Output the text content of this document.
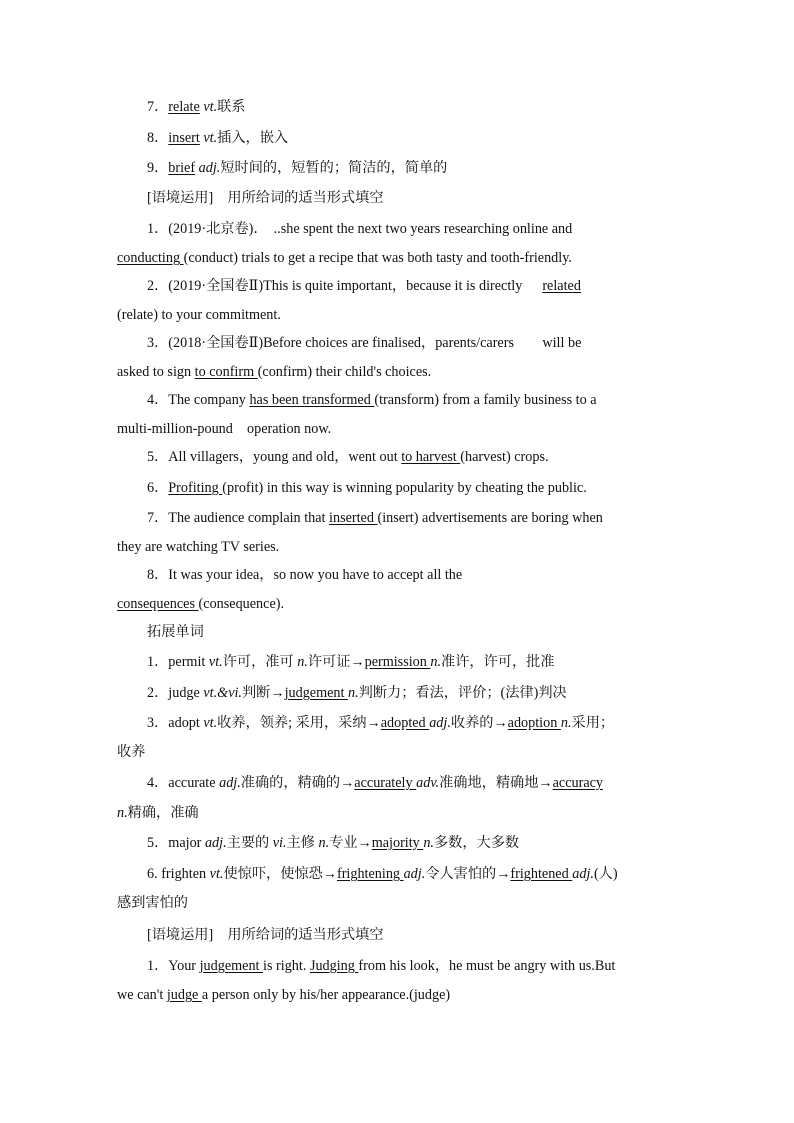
7．relate vt.联系
8．insert vt.插入，嵌入
9．brief adj.短时间的，短暂的；简洁的，简单的
[语境运用]　用所给词的适当形式填空
1．(2019·北京卷)． ..she spent the next two years researching online and
conducting (conduct) trials to get a recipe that was both tasty and tooth-friendly.
2．(2019·全国卷Ⅱ)This is quite important，because it is directly related
(relate) to your commitment.
3．(2018·全国卷Ⅱ)Before choices are finalised，parents/carers　　will be
asked to sign to confirm (confirm) their child's choices.
4．The company has been transformed (transform) from a family business to a
multi-million-pound　operation now.
5．All villagers，young and old，went out to harvest (harvest) crops.
6．Profiting (profit) in this way is winning popularity by cheating the public.
7．The audience complain that inserted (insert) advertisements are boring when
they are watching TV series.
8．It was your idea，so now you have to accept all the
consequences (consequence).
拓展单词
1．permit vt.许可，准可 n.许可证→permission n.准许，许可，批准
2．judge vt.&vi.判断→judgement n.判断力；看法，评价；(法律)判决
3．adopt vt.收养，领养; 采用，采纳→adopted adj.收养的→adoption n.采用；
收养
4．accurate adj.准确的，精确的→accurately adv.准确地，精确地→accuracy
n.精确，准确
5．major adj.主要的 vi.主修 n.专业→majority n.多数，大多数
6. frighten vt.使惊吓，使惊恐→frightening adj.令人害怕的→frightened adj.(人)
感到害怕的
[语境运用]　用所给词的适当形式填空
1．Your judgement is right. Judging from his look，he must be angry with us.But
we can't judge a person only by his/her appearance.(judge)
